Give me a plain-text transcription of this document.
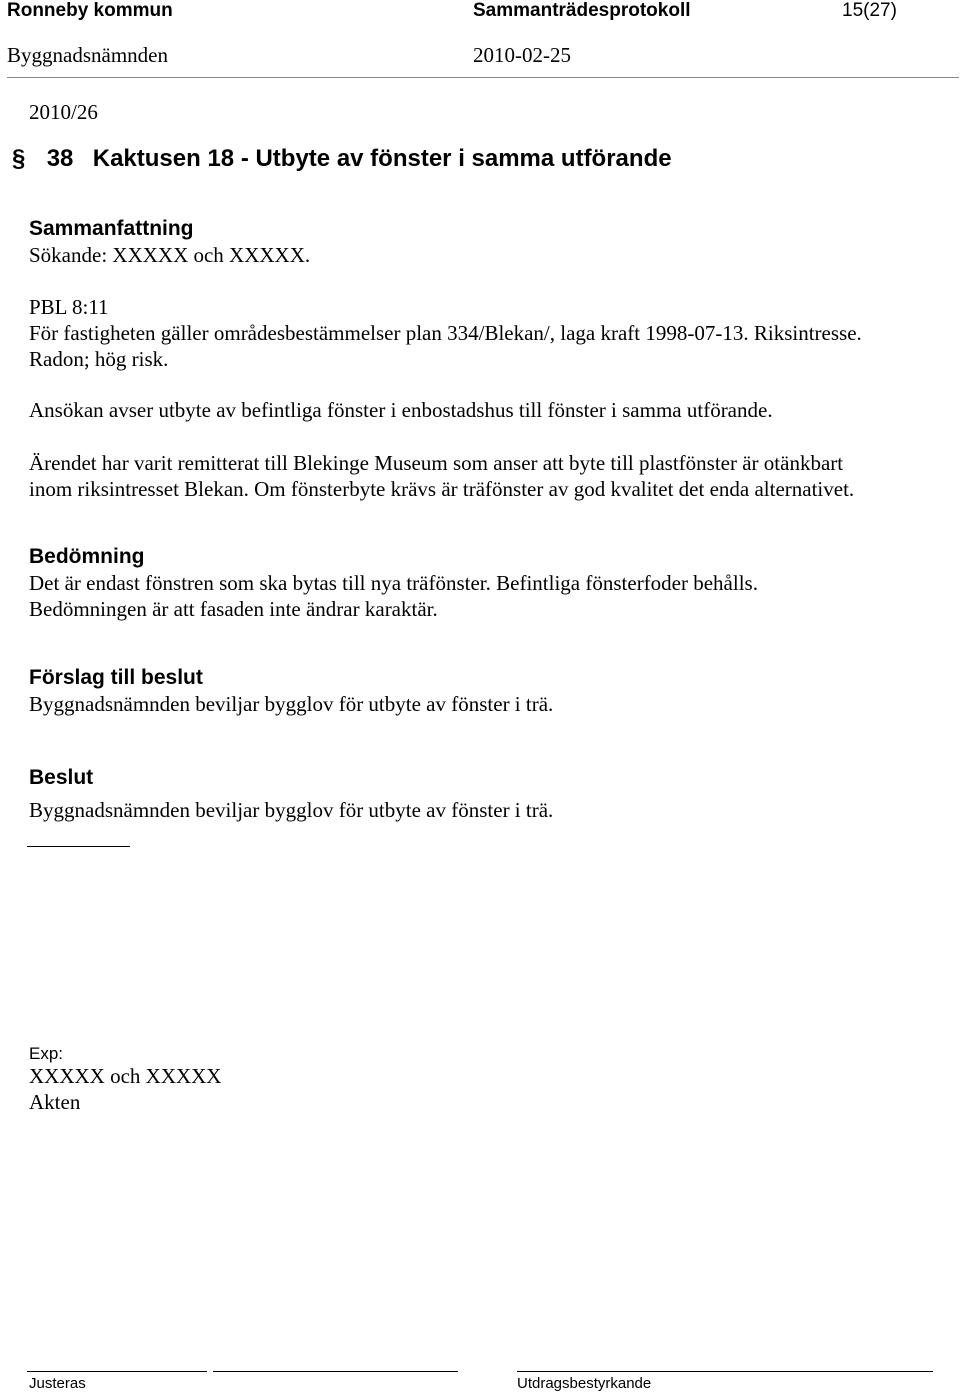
Ronneby kommun	Sammanträdesprotokoll	15(27)
Byggnadsnämnden	2010-02-25
2010/26
§ 38 Kaktusen 18 - Utbyte av fönster i samma utförande
Sammanfattning
Sökande: XXXXX och XXXXX.
PBL 8:11
För fastigheten gäller områdesbestämmelser plan 334/Blekan/, laga kraft 1998-07-13. Riksintresse.
Radon; hög risk.
Ansökan avser utbyte av befintliga fönster i enbostadshus till fönster i samma utförande.
Ärendet har varit remitterat till Blekinge Museum som anser att byte till plastfönster är otänkbart
inom riksintresset Blekan. Om fönsterbyte krävs är träfönster av god kvalitet det enda alternativet.
Bedömning
Det är endast fönstren som ska bytas till nya träfönster. Befintliga fönsterfoder behålls.
Bedömningen är att fasaden inte ändrar karaktär.
Förslag till beslut
Byggnadsnämnden beviljar bygglov för utbyte av fönster i trä.
Beslut
Byggnadsnämnden beviljar bygglov för utbyte av fönster i trä.
Exp:
XXXXX och XXXXX
Akten
Justeras	Utdragsbestyrkande
